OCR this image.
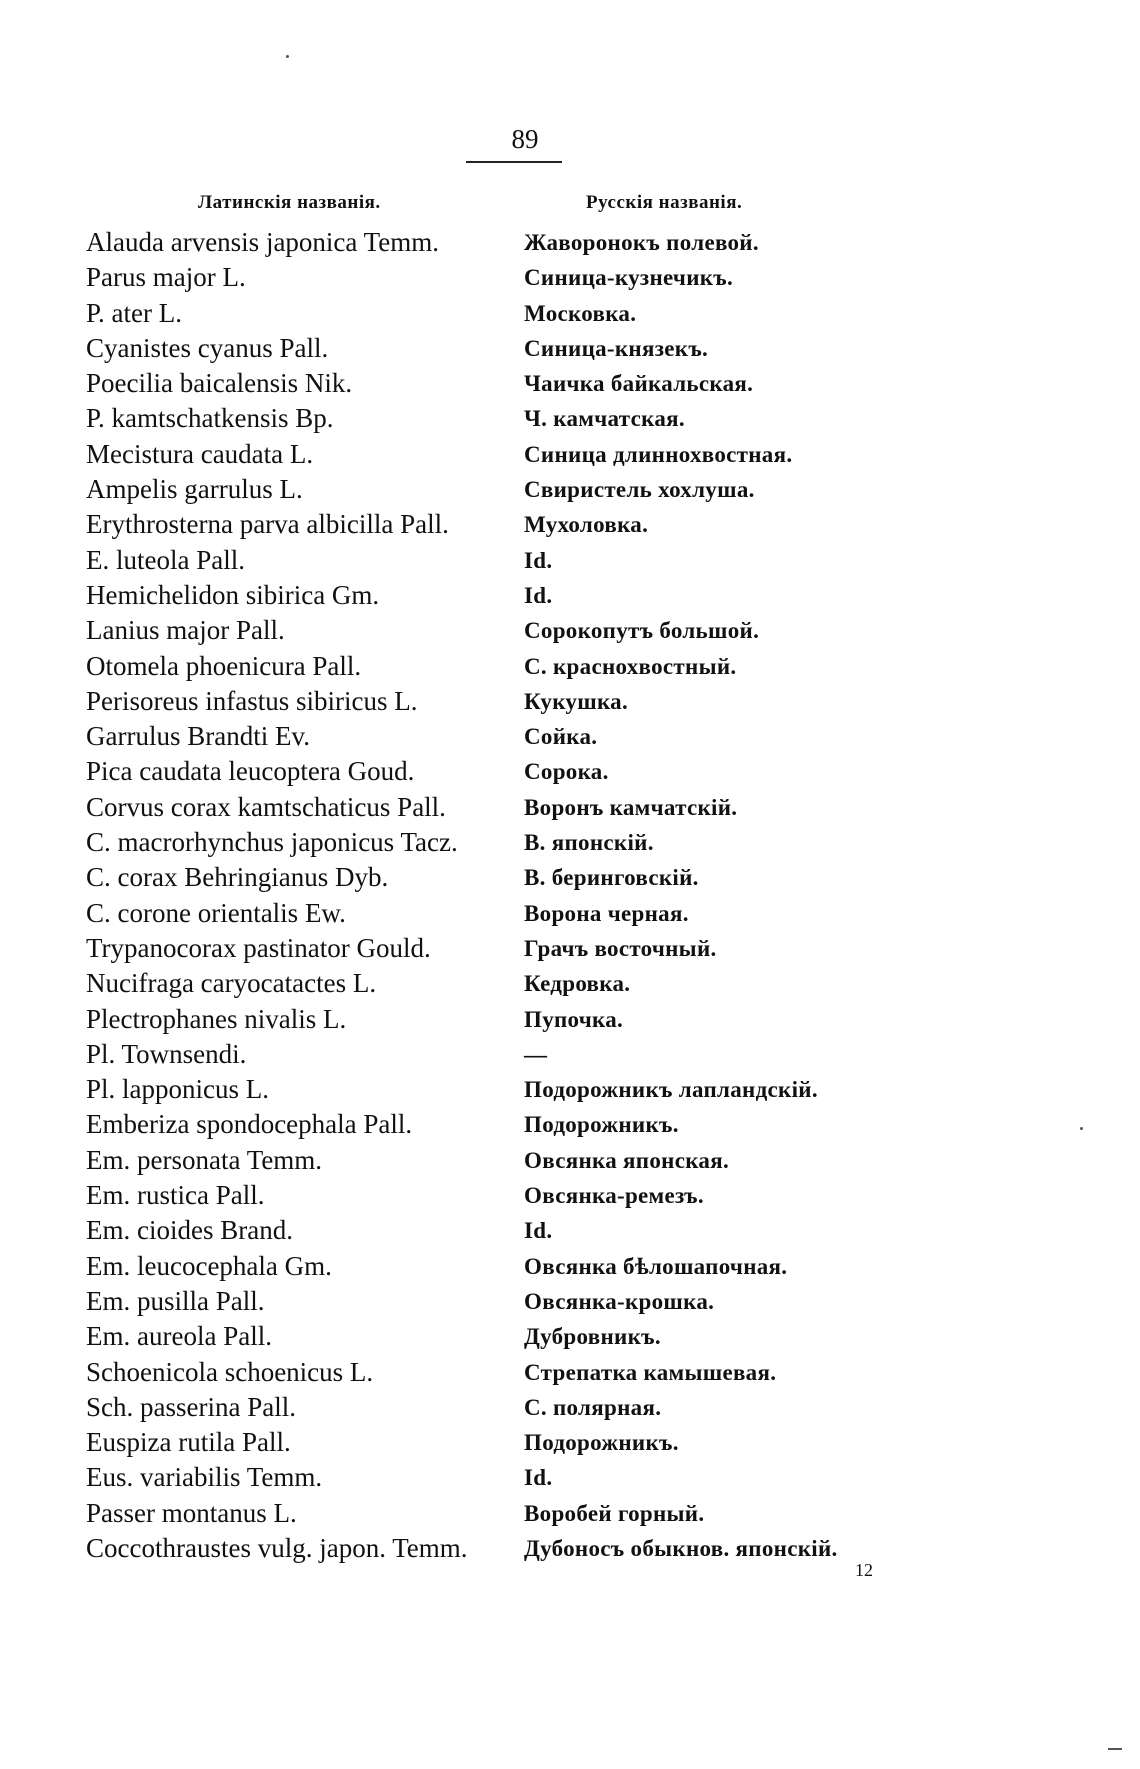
89
Латинскія названія.	Русскія названія.
Alauda arvensis japonica Temm.	Жаворонокъ полевой.
Parus major L.	Синица-кузнечикъ.
P. ater L.	Московка.
Cyanistes cyanus Pall.	Синица-князекъ.
Poecilia baicalensis Nik.	Чаичка байкальская.
P. kamtschatkensis Bp.	Ч. камчатская.
Mecistura caudata L.	Синица длиннохвостная.
Ampelis garrulus L.	Свиристель хохлуша.
Erythrosterna parva albicilla Pall.	Мухоловка.
E. luteola Pall.	Id.
Hemichelidon sibirica Gm.	Id.
Lanius major Pall.	Сорокопутъ большой.
Otomela phoenicura Pall.	С. краснохвостный.
Perisoreus infastus sibiricus L.	Кукушка.
Garrulus Brandti Ev.	Сойка.
Pica caudata leucoptera Goud.	Сорока.
Corvus corax kamtschaticus Pall.	Воронъ камчатскій.
C. macrorhynchus japonicus Tacz.	В. японскій.
C. corax Behringianus Dyb.	В. беринговскій.
C. corone orientalis Ew.	Ворона черная.
Trypanocorax pastinator Gould.	Грачъ восточный.
Nucifraga caryocatactes L.	Кедровка.
Plectrophanes nivalis L.	Пупочка.
Pl. Townsendi.	—
Pl. lapponicus L.	Подорожникъ лапландскій.
Emberiza spondocephala Pall.	Подорожникъ.
Em. personata Temm.	Овсянка японская.
Em. rustica Pall.	Овсянка-ремезъ.
Em. cioides Brand.	Id.
Em. leucocephala Gm.	Овсянка бѣлошапочная.
Em. pusilla Pall.	Овсянка-крошка.
Em. aureola Pall.	Дубровникъ.
Schoenicola schoenicus L.	Стрепатка камышевая.
Sch. passerina Pall.	С. полярная.
Euspiza rutila Pall.	Подорожникъ.
Eus. variabilis Temm.	Id.
Passer montanus L.	Воробей горный.
Coccothraustes vulg. japon. Temm. Дубоносъ обыкнов. японскій.
12
